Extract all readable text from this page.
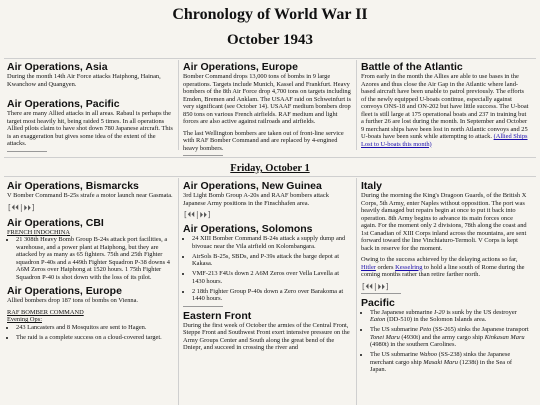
Chronology of World War II
October 1943
Air Operations, Asia

During the month 14th Air Force attacks Haiphong, Hainan, Kwanchow and Quangyen.

Air Operations, Pacific

There are many Allied attacks in all areas. Rabaul is perhaps the target most heavily hit, being raided 5 times. In all operations Allied pilots claim to have shot down 780 Japanese aircraft. This is an exaggeration but gives some idea of the extent of the attacks.

Air Operations, Europe

Bomber Command drops 13,000 tons of bombs in 9 large operations. Targets include Munich, Kassel and Frankfurt. Heavy bombers of the 8th Air Force drop 4,700 tons on targets including Emden, Bremen and Anklam. The USAAF raid on Schweinfurt is very significant (see October 14). USAAF medium bombers drop 850 tons on various French airfields. RAF medium and light forces are also active against railroads and airfields.

The last Wellington bombers are taken out of front-line service with RAF Bomber Command and are replaced by 4-engined heavy bombers.

Battle of the Atlantic

From early in the month the Allies are able to use bases in the Azores and thus close the Air Gap in the Atlantic where land-based aircraft have been unable to patrol previously. The efforts of the newly equipped U-boats continue, especially against convoys ONS-18 and ON-202 but have little success. The U-boat fleet is still large at 175 operational boats and 237 in training but a further 26 are lost during the month. In September and October 9 merchant ships have been lost in north Atlantic convoys and 25 U-boats have been sunk while attempting to attack. (Allied Ships Lost to U-boats this month)

Friday, October 1
Air Operations, Bismarcks

V Bomber Command B-25s strafe a motor launch near Gasmata.

[⏴⏴|⏵⏵]
Air Operations, CBI
FRENCH INDOCHINA
• 21 308th Heavy Bomb Group B-24s attack port facilities, a warehouse, and a power plant at Haiphong, but they are attacked by as many as 65 fighters. 75th and 25th Fighter squadron P-40s and a 449th Fighter Squadron P-38 downs 4 A6M Zeros over Haiphong at 1520 hours. 1 75th Fighter Squadron P-40 is shot down with the loss of its pilot.
Air Operations, Europe

Allied bombers drop 187 tons of bombs on Vienna.

RAF BOMBER COMMAND
Evening Ops:
• 243 Lancasters and 8 Mosquitos are sent to Hagen.
• The raid is a complete success on a cloud-covered target.
Air Operations, New Guinea

3rd Light Bomb Group A-20s and RAAF bombers attack Japanese Army positions in the Finschhafen area.

[⏴⏴|⏵⏵]
Air Operations, Solomons
• 24 XIII Bomber Command B-24s attack a supply dump and bivouac near the Vila airfield on Kolombangara.
• AirSols B-25s, SBDs, and P-39s attack the barge depot at Kakasa.
• VMF-213 F4Us down 2 A6M Zeros over Vella Lavella at 1430 hours.
• 2 18th Fighter Group P-40s down a Zero over Barakoma at 1440 hours.
Eastern Front

During the first week of October the armies of the Central Front, Steppe Front and Southwest Front exert intensive pressure on the Army Groups Center and South along the great bend of the Dniepr, and succeed in crossing the river and

Italy

During the morning the King's Dragoon Guards, of the British X Corps, 5th Army, enter Naples without opposition. The port was heavily damaged but repairs begin at once to put it back into operation. 8th Army begins to advance its main forces once again. For the moment only 2 divisions, 78th along the coast and 1st Canadian of XIII Corps inland across the mountains, are sent forward toward the line Vinchiaturo-Termoli. V Corps is kept back in reserve for the moment.

Owing to the success achieved by the delaying actions so far, Hitler orders Kesselring to hold a line south of Rome during the coming months rather than retire farther north.

[⏴⏴|⏵⏵]
Pacific
• The Japanese submarine I-20 is sunk by the US destroyer Eaton (DD-510) in the Solomon Islands area.
• The US submarine Peto (SS-265) sinks the Japanese transport Tonei Maru (4930t) and the army cargo ship Kinkasan Maru (4980t) in the southern Carolines.
• The US submarine Wahoo (SS-238) sinks the Japanese merchant cargo ship Masaki Maru (1238t) in the Sea of Japan.
